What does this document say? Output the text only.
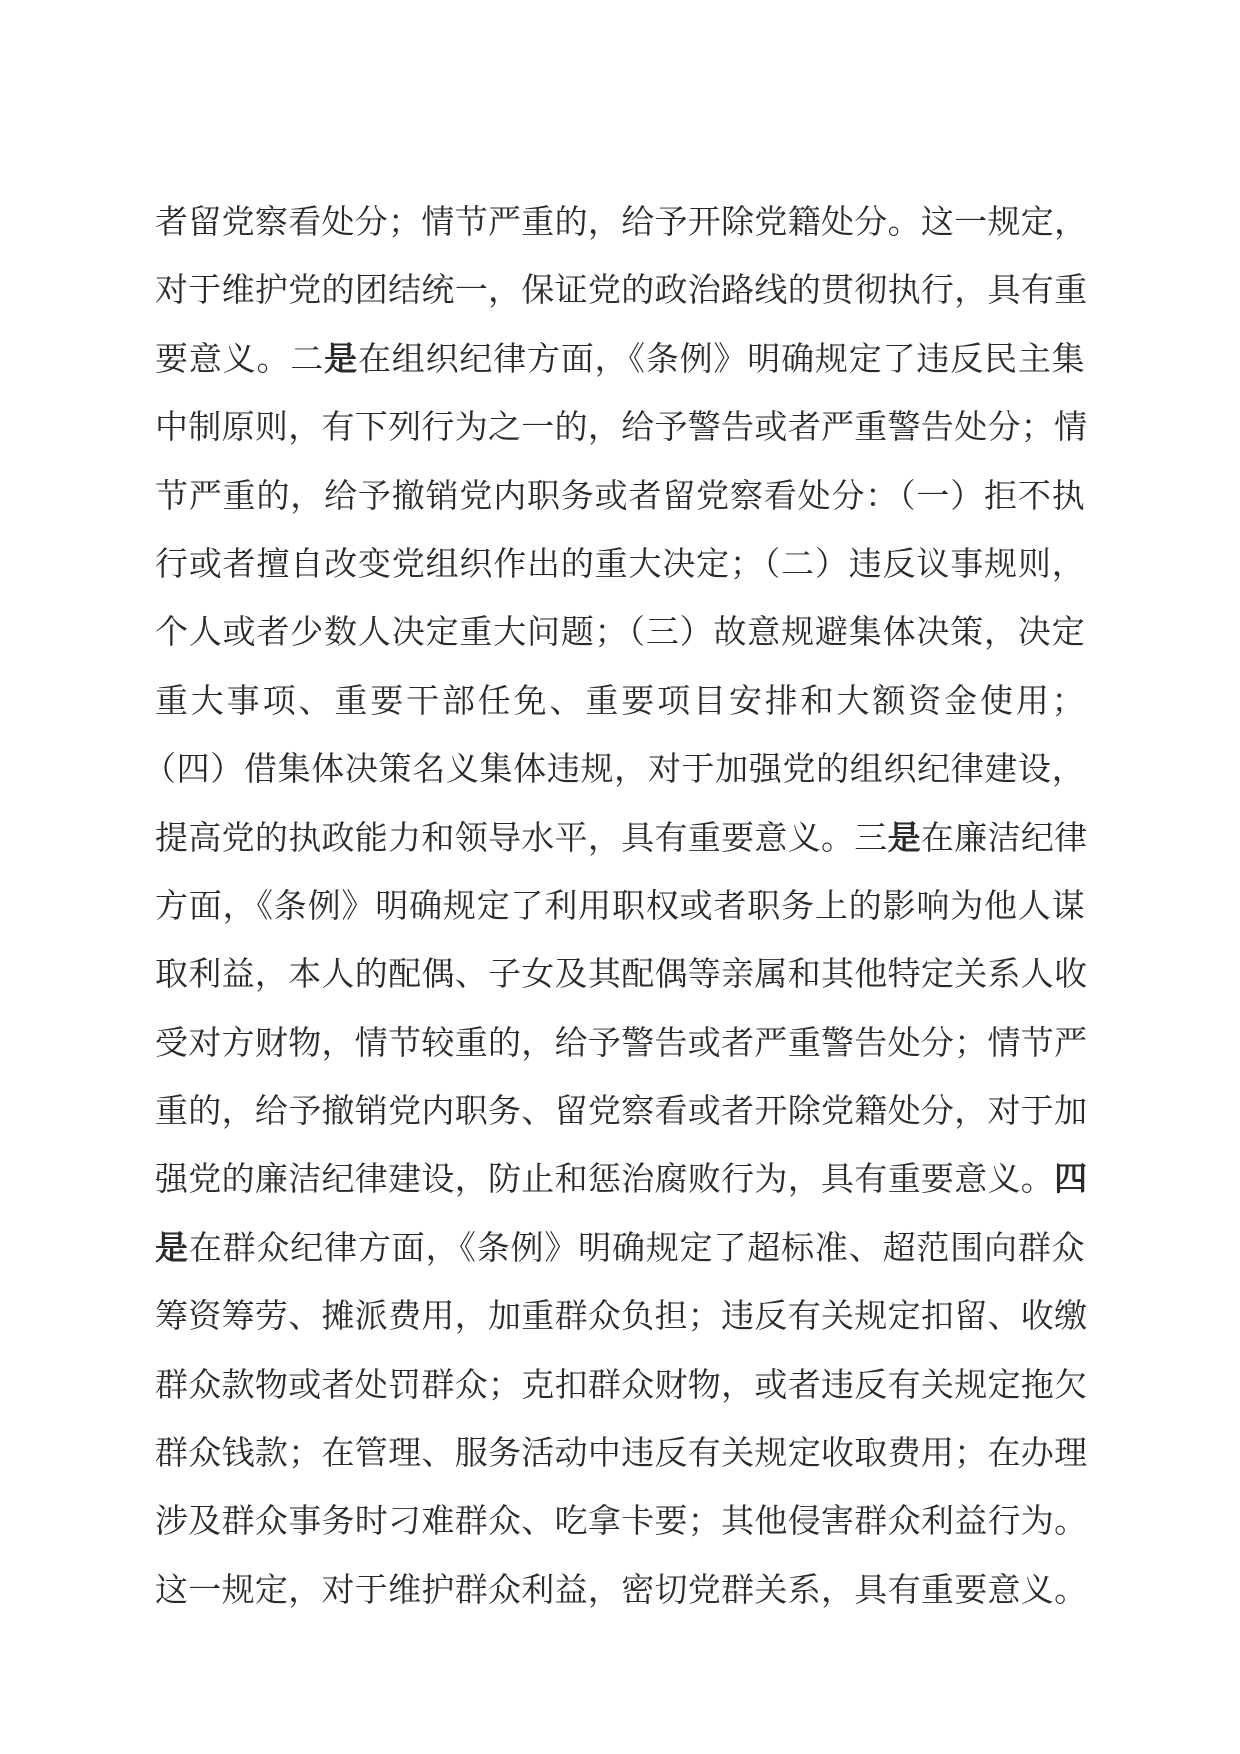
者留党察看处分；情节严重的，给予开除党籍处分。这一规定，
对于维护党的团结统一，保证党的政治路线的贯彻执行，具有重
要意义。二是在组织纪律方面，《条例》明确规定了违反民主集
中制原则，有下列行为之一的，给予警告或者严重警告处分；情
节严重的，给予撤销党内职务或者留党察看处分：（一）拒不执
行或者擅自改变党组织作出的重大决定；（二）违反议事规则，
个人或者少数人决定重大问题；（三）故意规避集体决策，决定
重大事项、重要干部任免、重要项目安排和大额资金使用；
（四）借集体决策名义集体违规，对于加强党的组织纪律建设，
提高党的执政能力和领导水平，具有重要意义。三是在廉洁纪律
方面，《条例》明确规定了利用职权或者职务上的影响为他人谋
取利益，本人的配偶、子女及其配偶等亲属和其他特定关系人收
受对方财物，情节较重的，给予警告或者严重警告处分；情节严
重的，给予撤销党内职务、留党察看或者开除党籍处分，对于加
强党的廉洁纪律建设，防止和惩治腐败行为，具有重要意义。四
是在群众纪律方面，《条例》明确规定了超标准、超范围向群众
筹资筹劳、摊派费用，加重群众负担；违反有关规定扣留、收缴
群众款物或者处罚群众；克扣群众财物，或者违反有关规定拖欠
群众钱款；在管理、服务活动中违反有关规定收取费用；在办理
涉及群众事务时刁难群众、吃拿卡要；其他侵害群众利益行为。
这一规定，对于维护群众利益，密切党群关系，具有重要意义。
